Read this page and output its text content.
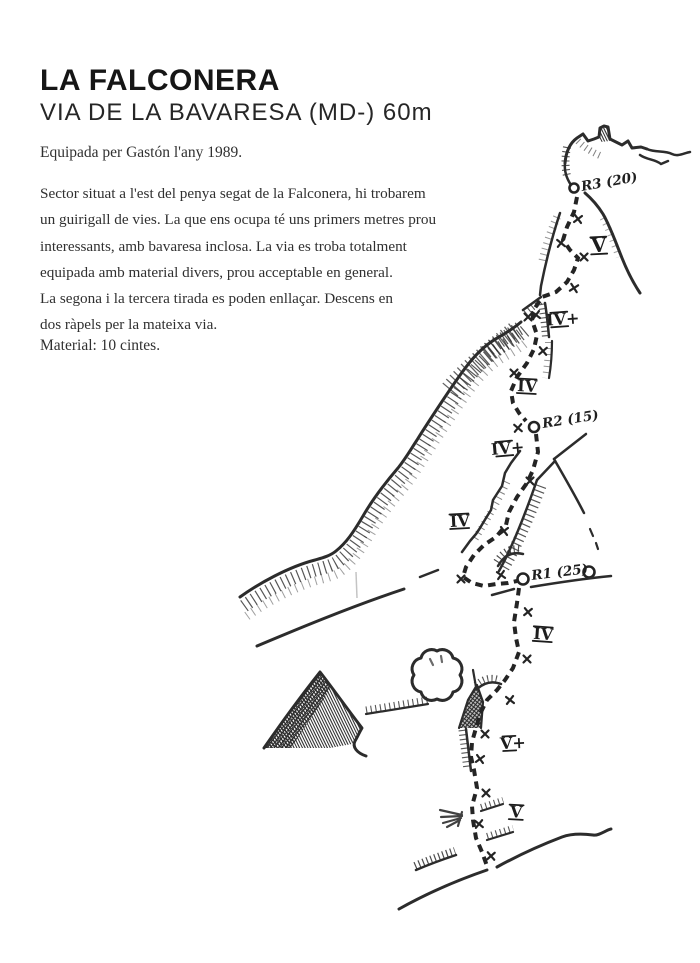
LA FALCONERA
VIA DE LA BAVARESA (MD-) 60m
Equipada per Gastón l'any 1989.
Sector situat a l'est del penya segat de la Falconera, hi trobarem
un guirigall de vies. La que ens ocupa té uns primers metres prou
interessants, amb bavaresa inclosa. La via es troba totalment
equipada amb material divers, prou acceptable en general.
La segona i la tercera tirada es poden enllaçar. Descens en
dos ràpels per la mateixa via.
Material: 10 cintes.
R3 (20)
R2 (15)
R1 (25)
V
IV+
IV
IV+
IV
IV
V+
V
